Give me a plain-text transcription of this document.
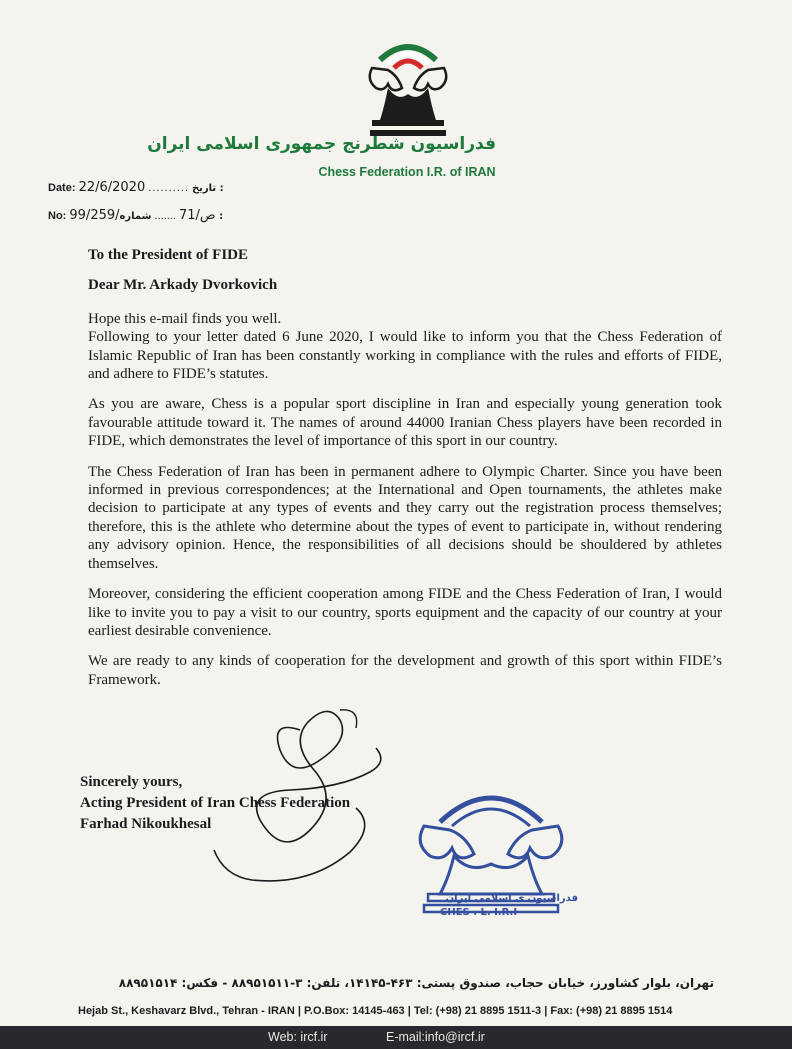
فدراسیون شطرنج جمهوری اسلامی ایران
Chess Federation I.R. of IRAN
Date: 22/6/2020 .......... تاریخ :
No: 99/259/ص/71 ....... شماره :

To the President of FIDE

Dear Mr. Arkady Dvorkovich

Hope this e-mail finds you well.

Following to your letter dated 6 June 2020, I would like to inform you that the Chess Federation of Islamic Republic of Iran has been constantly working in compliance with the rules and efforts of FIDE, and adhere to FIDE’s statutes.

As you are aware, Chess is a popular sport discipline in Iran and especially young generation took favourable attitude toward it. The names of around 44000 Iranian Chess players have been recorded in FIDE, which demonstrates the level of importance of this sport in our country.

The Chess Federation of Iran has been in permanent adhere to Olympic Charter. Since you have been informed in previous correspondences; at the International and Open tournaments, the athletes make decision to participate at any types of events and they carry out the registration process themselves; therefore, this is the athlete who determine about the types of event to participate in, without rendering any advisory opinion. Hence, the responsibilities of all decisions should be shouldered by athletes themselves.

Moreover, considering the efficient cooperation among FIDE and the Chess Federation of Iran, I would like to invite you to pay a visit to our country, sports equipment and the capacity of our country at your earliest desirable convenience.

We are ready to any kinds of cooperation for the development and growth of this sport within FIDE’s Framework.

Sincerely yours,
Acting President of Iran Chess Federation
Farhad Nikoukhesal
فدراسیون ی اسلامی ایران
CHES . L. I.R.I
تهران، بلوار کشاورز، خیابان حجاب، صندوق پستی: ۴۶۳-۱۴۱۴۵، تلفن: ۳-۸۸۹۵۱۵۱۱ - فکس: ۸۸۹۵۱۵۱۴
Hejab St., Keshavarz Blvd., Tehran - IRAN | P.O.Box: 14145-463 | Tel: (+98) 21 8895 1511-3 | Fax: (+98) 21 8895 1514
Web: ircf.ir	E-mail:info@ircf.ir
